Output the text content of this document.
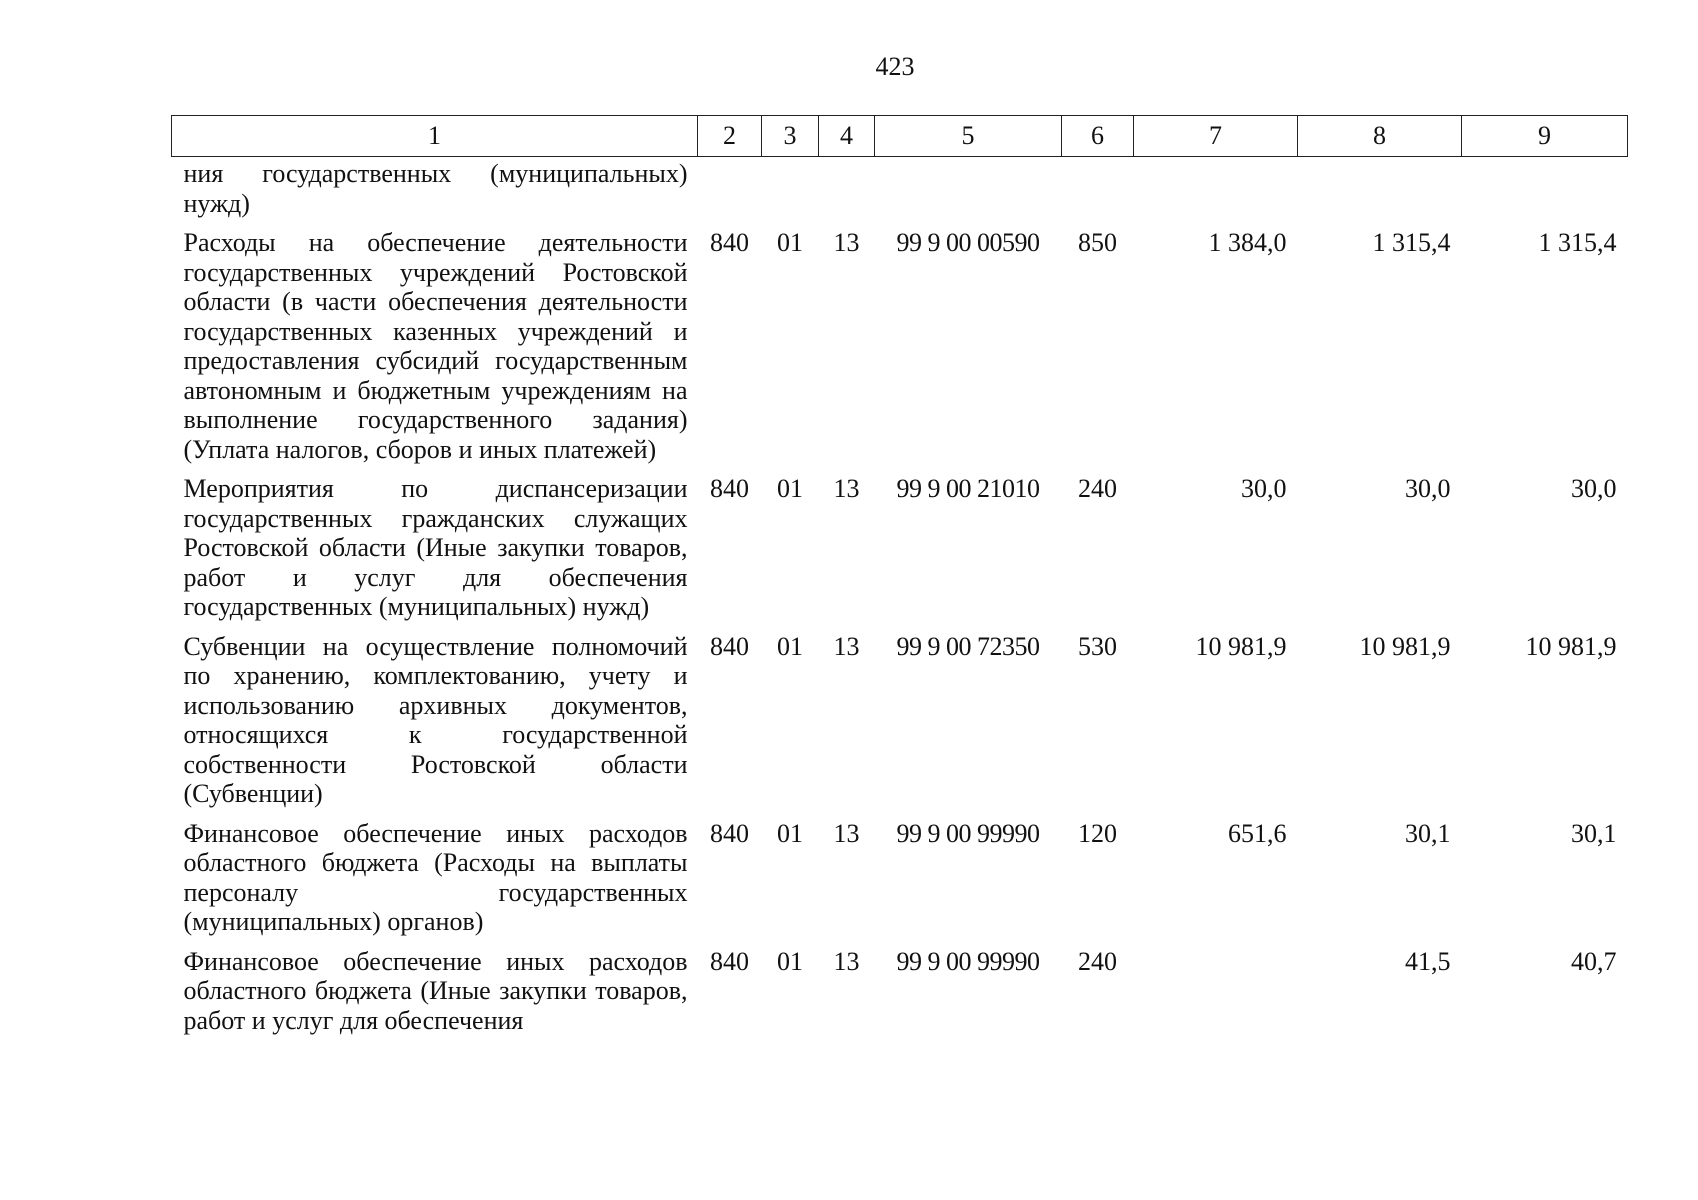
423
1	2	3	4	5	6	7	8	9
ния государственных (муниципальных) нужд)								
Расходы на обеспечение деятельности государственных учреждений Ростовской области (в части обеспечения деятельности государственных казенных учреждений и предоставления субсидий государственным автономным и бюджетным учреждениям на выполнение государственного задания) (Уплата налогов, сборов и иных платежей)	840	01	13	99 9 00 00590	850	1 384,0	1 315,4	1 315,4
Мероприятия по диспансеризации государственных гражданских служащих Ростовской области (Иные закупки товаров, работ и услуг для обеспечения государственных (муниципальных) нужд)	840	01	13	99 9 00 21010	240	30,0	30,0	30,0
Субвенции на осуществление полномочий по хранению, комплектованию, учету и использованию архивных документов, относящихся к государственной собственности Ростовской области (Субвенции)	840	01	13	99 9 00 72350	530	10 981,9	10 981,9	10 981,9
Финансовое обеспечение иных расходов областного бюджета (Расходы на выплаты персоналу государственных (муниципальных) органов)	840	01	13	99 9 00 99990	120	651,6	30,1	30,1
Финансовое обеспечение иных расходов областного бюджета (Иные закупки товаров, работ и услуг для обеспечения	840	01	13	99 9 00 99990	240		41,5	40,7
